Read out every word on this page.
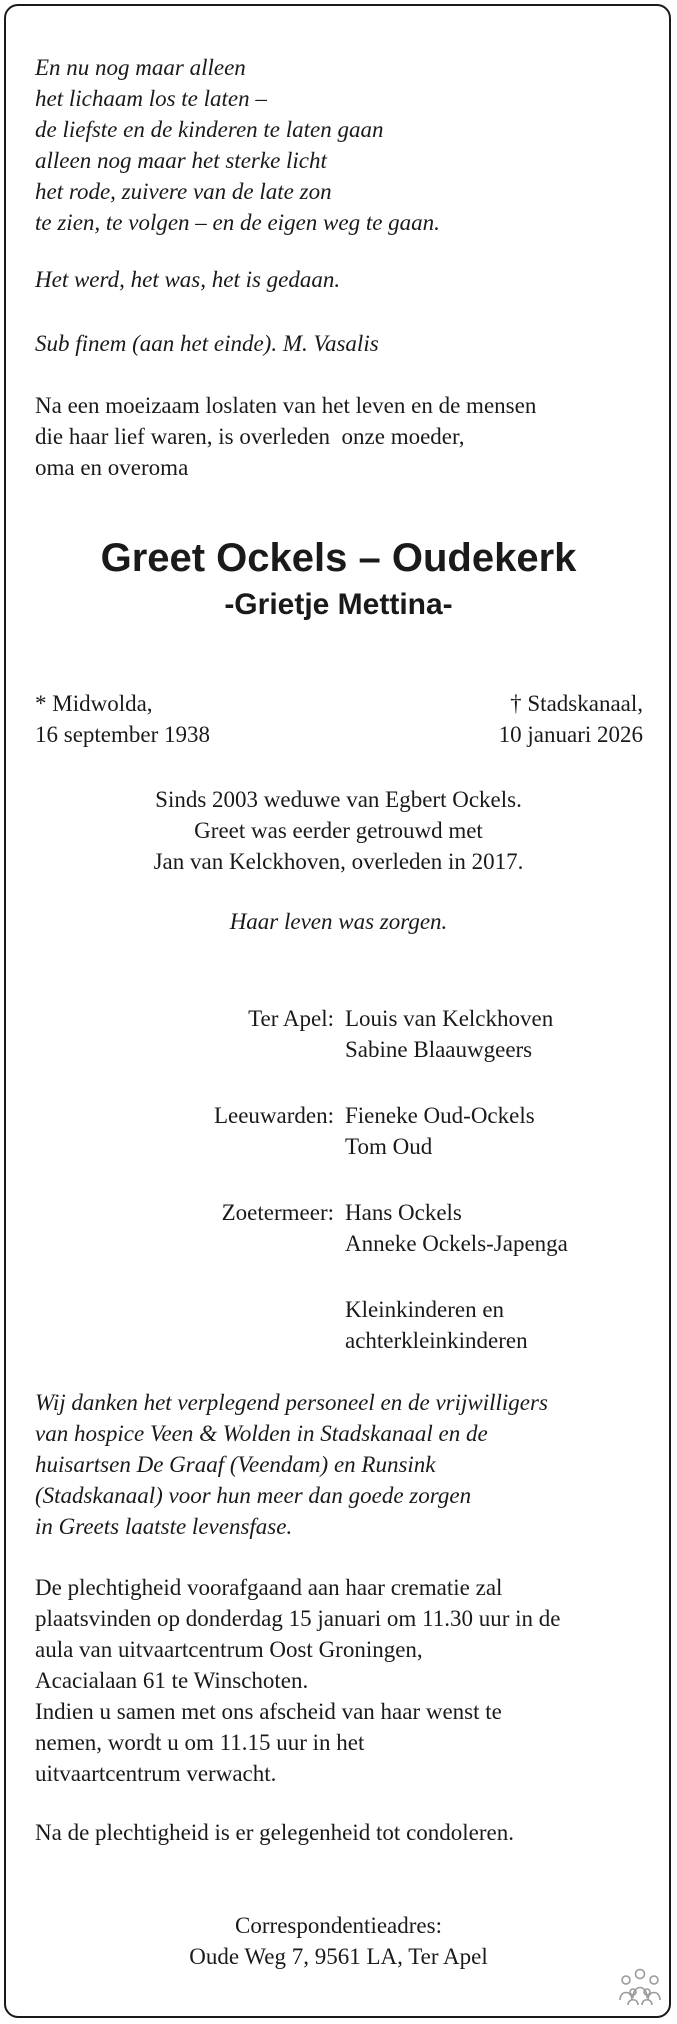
En nu nog maar alleen
het lichaam los te laten –
de liefste en de kinderen te laten gaan
alleen nog maar het sterke licht
het rode, zuivere van de late zon
te zien, te volgen – en de eigen weg te gaan.
Het werd, het was, het is gedaan.
Sub finem (aan het einde). M. Vasalis
Na een moeizaam loslaten van het leven en de mensen
die haar lief waren, is overleden  onze moeder,
oma en overoma
Greet Ockels – Oudekerk
-Grietje Mettina-
* Midwolda,
16 september 1938
† Stadskanaal,
10 januari 2026
Sinds 2003 weduwe van Egbert Ockels.
Greet was eerder getrouwd met
Jan van Kelckhoven, overleden in 2017.
Haar leven was zorgen.
Ter Apel: Louis van Kelckhoven
Sabine Blaauwgeers
Leeuwarden: Fieneke Oud-Ockels
Tom Oud
Zoetermeer: Hans Ockels
Anneke Ockels-Japenga
Kleinkinderen en
achterkleinkinderen
Wij danken het verplegend personeel en de vrijwilligers
van hospice Veen & Wolden in Stadskanaal en de
huisartsen De Graaf (Veendam) en Runsink
(Stadskanaal) voor hun meer dan goede zorgen
in Greets laatste levensfase.
De plechtigheid voorafgaand aan haar crematie zal
plaatsvinden op donderdag 15 januari om 11.30 uur in de
aula van uitvaartcentrum Oost Groningen,
Acacialaan 61 te Winschoten.
Indien u samen met ons afscheid van haar wenst te
nemen, wordt u om 11.15 uur in het
uitvaartcentrum verwacht.
Na de plechtigheid is er gelegenheid tot condoleren.
Correspondentieadres:
Oude Weg 7, 9561 LA, Ter Apel
